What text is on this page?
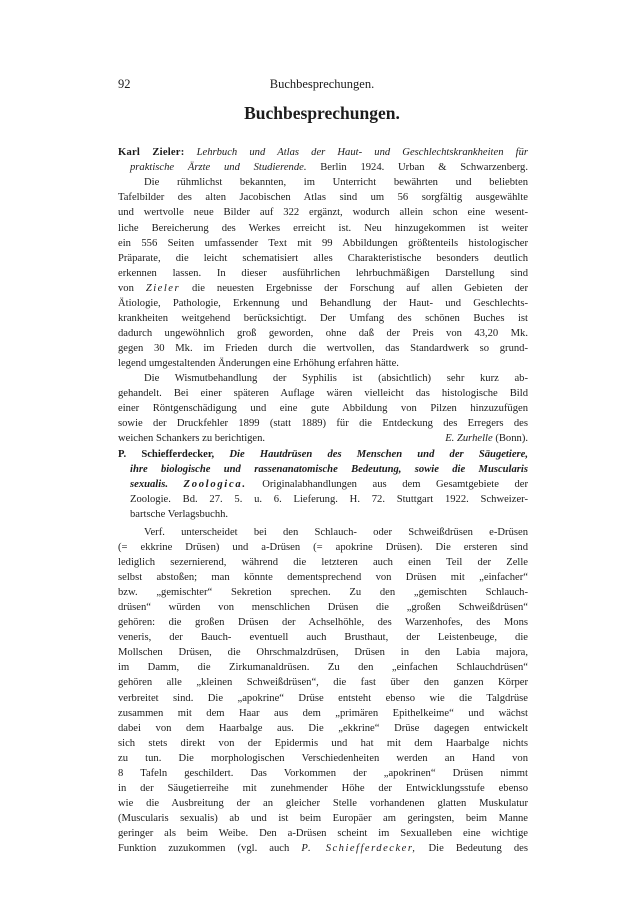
92	Buchbesprechungen.
Buchbesprechungen.
Karl Zieler: Lehrbuch und Atlas der Haut- und Geschlechtskrankheiten für
praktische Ärzte und Studierende. Berlin 1924. Urban & Schwarzenberg.
Die rühmlichst bekannten, im Unterricht bewährten und beliebten
Tafelbilder des alten Jacobischen Atlas sind um 56 sorgfältig ausgewählte
und wertvolle neue Bilder auf 322 ergänzt, wodurch allein schon eine wesent-
liche Bereicherung des Werkes erreicht ist. Neu hinzugekommen ist weiter
ein 556 Seiten umfassender Text mit 99 Abbildungen größtenteils histologischer
Präparate, die leicht schematisiert alles Charakteristische besonders deutlich
erkennen lassen. In dieser ausführlichen lehrbuchmäßigen Darstellung sind
von Zieler die neuesten Ergebnisse der Forschung auf allen Gebieten der
Ätiologie, Pathologie, Erkennung und Behandlung der Haut- und Geschlechts-
krankheiten weitgehend berücksichtigt. Der Umfang des schönen Buches ist
dadurch ungewöhnlich groß geworden, ohne daß der Preis von 43,20 Mk.
gegen 30 Mk. im Frieden durch die wertvollen, das Standardwerk so grund-
legend umgestaltenden Änderungen eine Erhöhung erfahren hätte.
Die Wismutbehandlung der Syphilis ist (absichtlich) sehr kurz ab-
gehandelt. Bei einer späteren Auflage wären vielleicht das histologische Bild
einer Röntgenschädigung und eine gute Abbildung von Pilzen hinzuzufügen
sowie der Druckfehler 1899 (statt 1889) für die Entdeckung des Erregers des
weichen Schankers zu berichtigen.	E. Zurhelle (Bonn).
P. Schiefferdecker, Die Hautdrüsen des Menschen und der Säugetiere,
ihre biologische und rassenanatomische Bedeutung, sowie die Muscularis
sexualis. Zoologica. Originalabhandlungen aus dem Gesamtgebiete der
Zoologie. Bd. 27. 5. u. 6. Lieferung. H. 72. Stuttgart 1922. Schweizer-
bartsche Verlagsbuchh.
Verf. unterscheidet bei den Schlauch- oder Schweißdrüsen e-Drüsen
(= ekkrine Drüsen) und a-Drüsen (= apokrine Drüsen). Die ersteren sind
lediglich sezernierend, während die letzteren auch einen Teil der Zelle
selbst abstoßen; man könnte dementsprechend von Drüsen mit „einfacher“
bzw. „gemischter“ Sekretion sprechen. Zu den „gemischten Schlauch-
drüsen“ würden von menschlichen Drüsen die „großen Schweißdrüsen“
gehören: die großen Drüsen der Achselhöhle, des Warzenhofes, des Mons
veneris, der Bauch- eventuell auch Brusthaut, der Leistenbeuge, die
Mollschen Drüsen, die Ohrschmalzdrüsen, Drüsen in den Labia majora,
im Damm, die Zirkumanaldrüsen. Zu den „einfachen Schlauchdrüsen“
gehören alle „kleinen Schweißdrüsen“, die fast über den ganzen Körper
verbreitet sind. Die „apokrine“ Drüse entsteht ebenso wie die Talgdrüse
zusammen mit dem Haar aus dem „primären Epithelkeime“ und wächst
dabei von dem Haarbalge aus. Die „ekkrine“ Drüse dagegen entwickelt
sich stets direkt von der Epidermis und hat mit dem Haarbalge nichts
zu tun. Die morphologischen Verschiedenheiten werden an Hand von
8 Tafeln geschildert. Das Vorkommen der „apokrinen“ Drüsen nimmt
in der Säugetierreihe mit zunehmender Höhe der Entwicklungsstufe ebenso
wie die Ausbreitung der an gleicher Stelle vorhandenen glatten Muskulatur
(Muscularis sexualis) ab und ist beim Europäer am geringsten, beim Manne
geringer als beim Weibe. Den a-Drüsen scheint im Sexualleben eine wichtige
Funktion zuzukommen (vgl. auch P. Schiefferdecker, Die Bedeutung des
